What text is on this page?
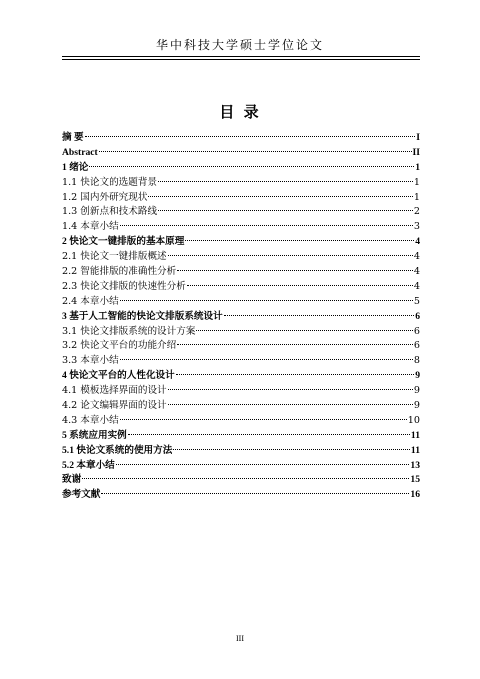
华中科技大学硕士学位论文
目 录
摘 要	I
Abstract	II
1 绪论	1
1.1 快论文的选题背景	1
1.2 国内外研究现状	1
1.3 创新点和技术路线	2
1.4 本章小结	3
2 快论文一键排版的基本原理	4
2.1 快论文一键排版概述	4
2.2 智能排版的准确性分析	4
2.3 快论文排版的快速性分析	4
2.4 本章小结	5
3 基于人工智能的快论文排版系统设计	6
3.1 快论文排版系统的设计方案	6
3.2 快论文平台的功能介绍	6
3.3 本章小结	8
4 快论文平台的人性化设计	9
4.1 模板选择界面的设计	9
4.2 论文编辑界面的设计	9
4.3 本章小结	10
5 系统应用实例	11
5.1 快论文系统的使用方法	11
5.2 本章小结	13
致谢	15
参考文献	16
III
